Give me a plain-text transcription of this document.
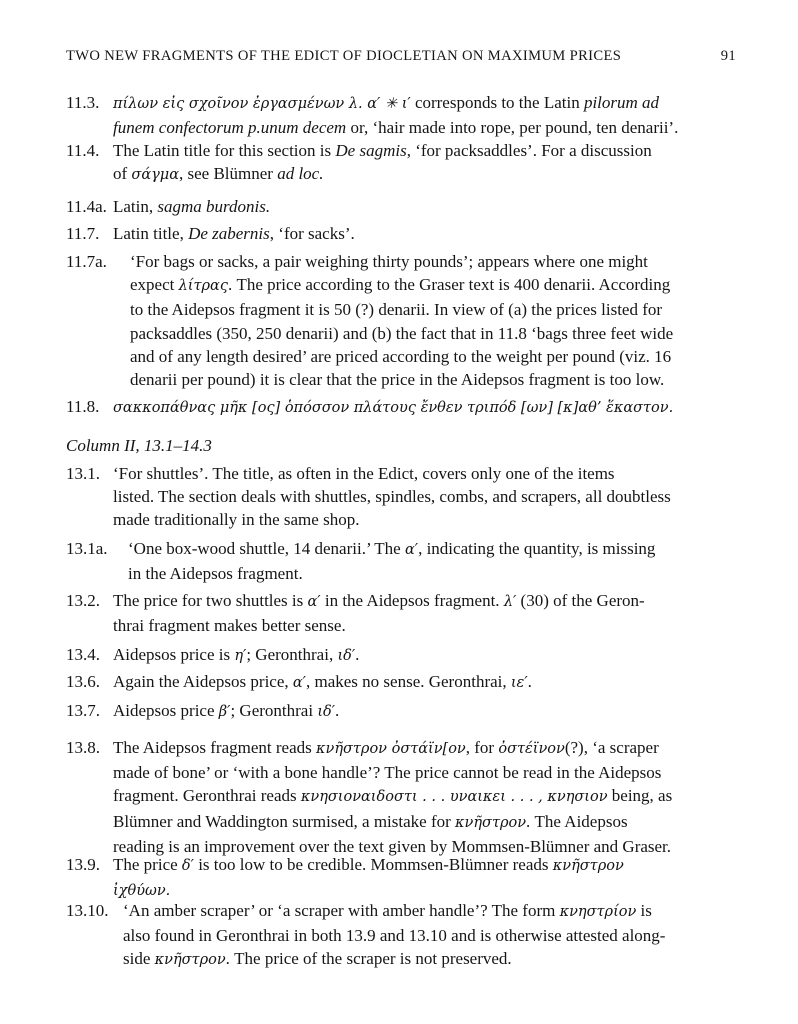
TWO NEW FRAGMENTS OF THE EDICT OF DIOCLETIAN ON MAXIMUM PRICES	91
11.3. πίλων εἰς σχοῖνον ἐργασμένων λ. α′ ✳ ι′ corresponds to the Latin pilorum ad
funem confectorum p.unum decem or, ‘hair made into rope, per pound, ten denarii’.
11.4. The Latin title for this section is De sagmis, ‘for packsaddles’. For a discussion
of σάγμα, see Blümner ad loc.
11.4a. Latin, sagma burdonis.
11.7. Latin title, De zabernis, ‘for sacks’.
11.7a. ‘For bags or sacks, a pair weighing thirty pounds’; appears where one might
expect λίτρας. The price according to the Graser text is 400 denarii. According
to the Aidepsos fragment it is 50 (?) denarii. In view of (a) the prices listed for
packsaddles (350, 250 denarii) and (b) the fact that in 11.8 ‘bags three feet wide
and of any length desired’ are priced according to the weight per pound (viz. 16
denarii per pound) it is clear that the price in the Aidepsos fragment is too low.
11.8. σακκοπάθνας μῆκ [ος] ὁπόσσον πλάτους ἔνθεν τριπόδ [ων] [κ]αθ’ ἕκαστον.
Column II, 13.1–14.3
13.1. ‘For shuttles’. The title, as often in the Edict, covers only one of the items
listed. The section deals with shuttles, spindles, combs, and scrapers, all doubtless
made traditionally in the same shop.
13.1a. ‘One box-wood shuttle, 14 denarii.’ The α′, indicating the quantity, is missing
in the Aidepsos fragment.
13.2. The price for two shuttles is α′ in the Aidepsos fragment. λ′ (30) of the Geron-
thrai fragment makes better sense.
13.4. Aidepsos price is η′; Geronthrai, ιδ′.
13.6. Again the Aidepsos price, α′, makes no sense. Geronthrai, ιε′.
13.7. Aidepsos price β′; Geronthrai ιδ′.
13.8. The Aidepsos fragment reads κνῆστρον ὀστάϊν[ον, for ὀστέϊνον(?), ‘a scraper
made of bone’ or ‘with a bone handle’? The price cannot be read in the Aidepsos
fragment. Geronthrai reads κνησιοναιδοστι . . . υναικει . . . , κνησιον being, as
Blümner and Waddington surmised, a mistake for κνῆστρον. The Aidepsos
reading is an improvement over the text given by Mommsen-Blümner and Graser.
13.9. The price δ′ is too low to be credible. Mommsen-Blümner reads κνῆστρον
ἰχθύων.
13.10. ‘An amber scraper’ or ‘a scraper with amber handle’? The form κνηστρίον is
also found in Geronthrai in both 13.9 and 13.10 and is otherwise attested along-
side κνῆστρον. The price of the scraper is not preserved.
